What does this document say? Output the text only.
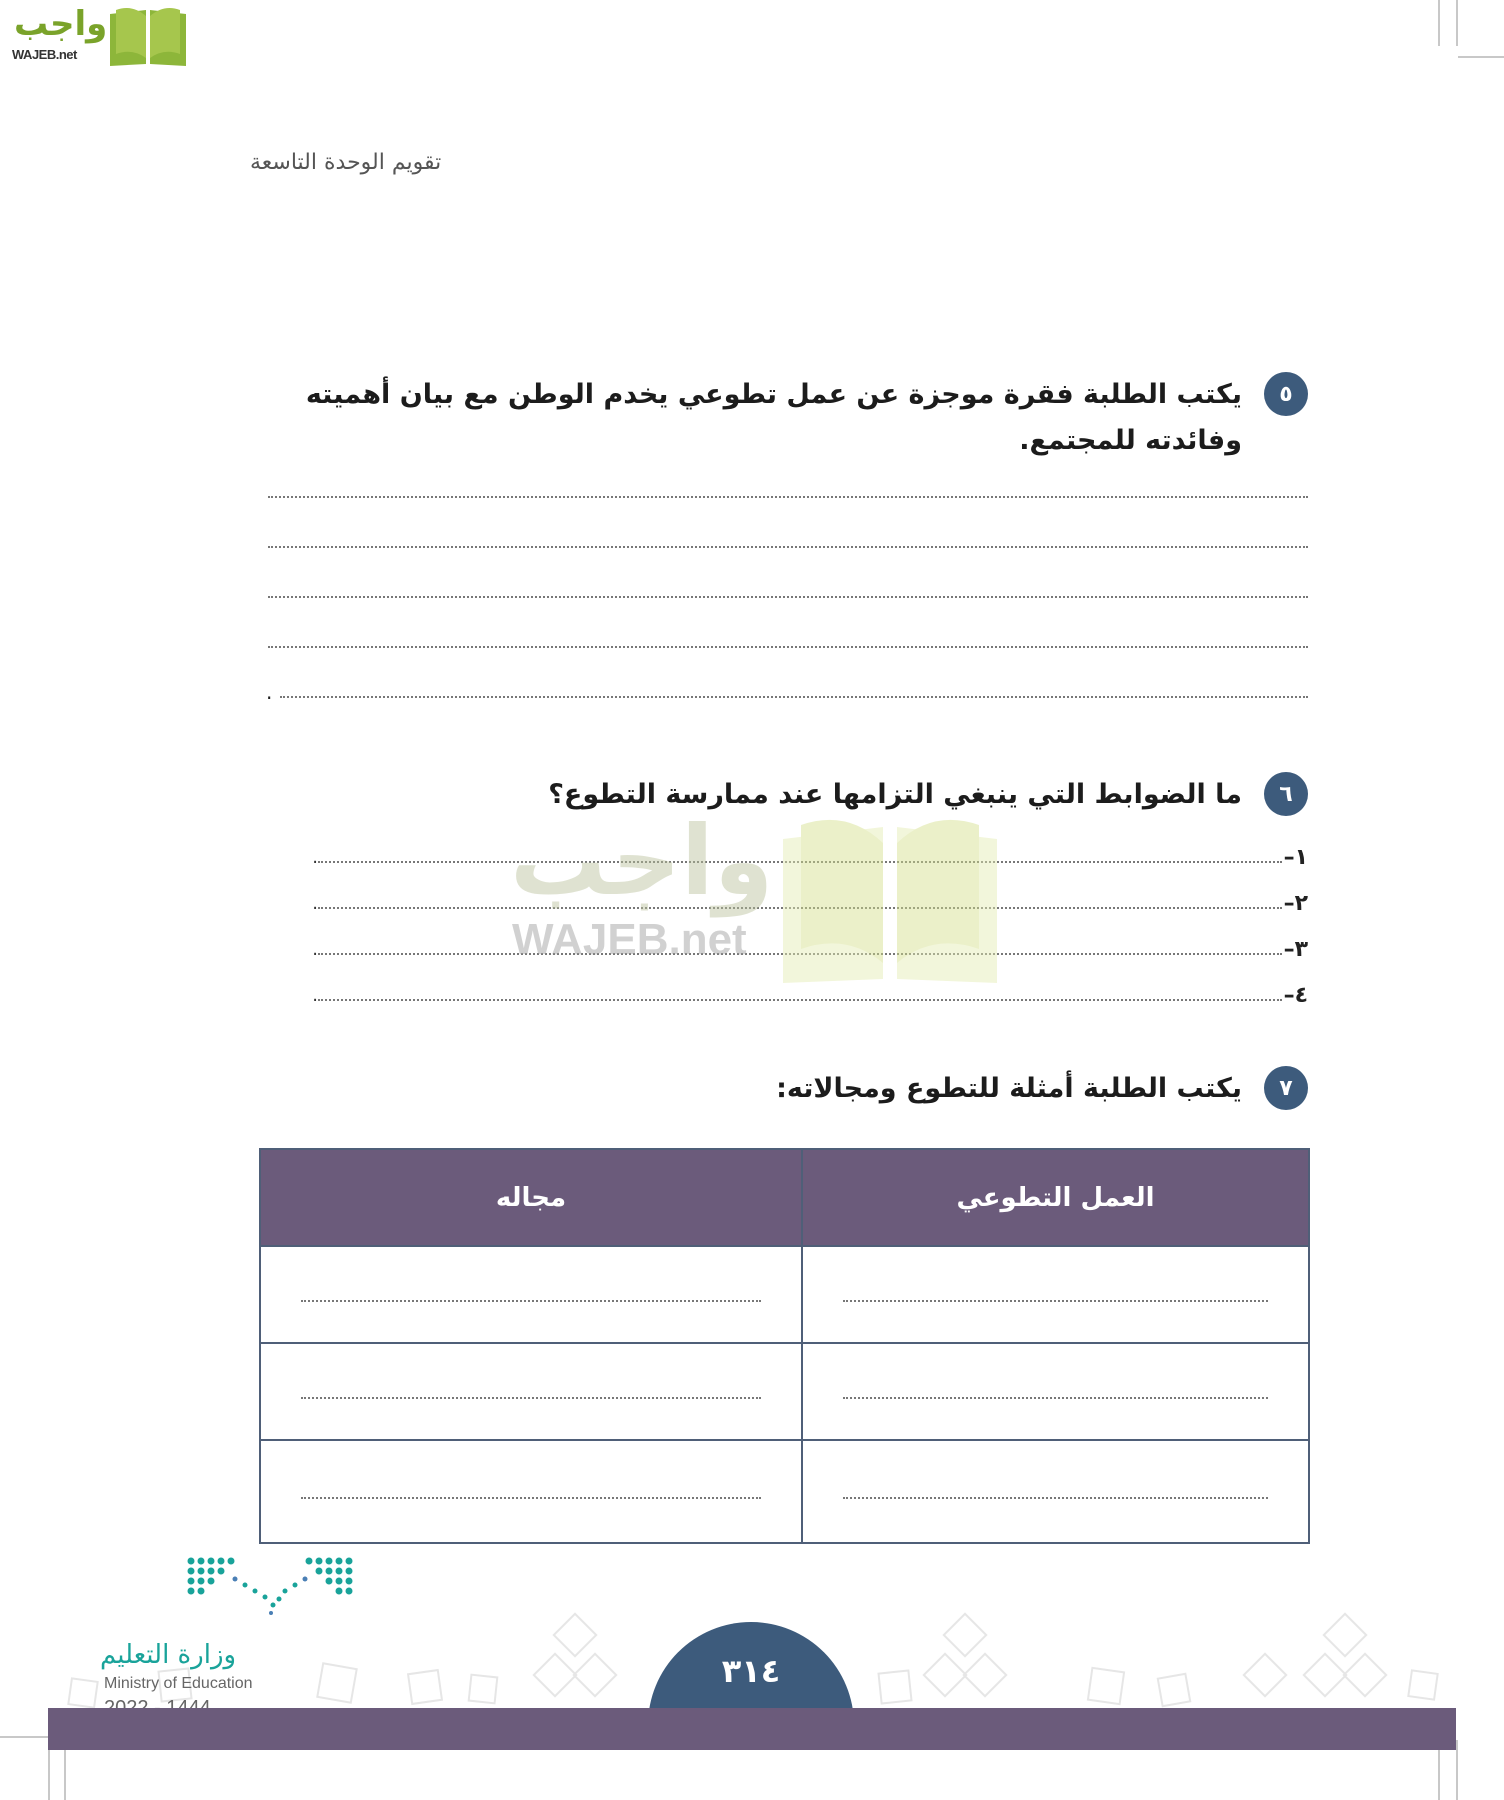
واجب
WAJEB.net
تقويم الوحدة التاسعة
٥
يكتب الطلبة فقرة موجزة عن عمل تطوعي يخدم الوطن مع بيان أهميته وفائدته للمجتمع.
.
٦
ما الضوابط التي ينبغي التزامها عند ممارسة التطوع؟
١–
.
٢–
.
٣–
.
٤–
.
واجب
WAJEB.net
٧
يكتب الطلبة أمثلة للتطوع ومجالاته:
العمل التطوعي	مجاله

وزارة التعليم
Ministry of Education	٣١٤
